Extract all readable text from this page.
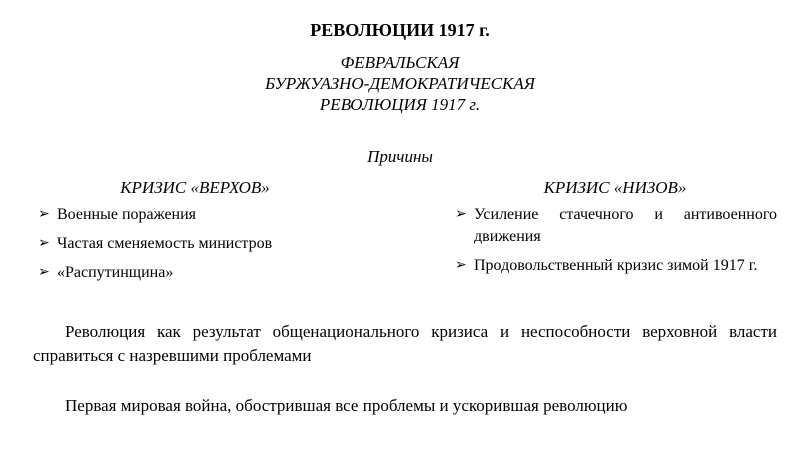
РЕВОЛЮЦИИ 1917 г.
ФЕВРАЛЬСКАЯ
БУРЖУАЗНО-ДЕМОКРАТИЧЕСКАЯ
РЕВОЛЮЦИЯ 1917 г.
Причины
КРИЗИС «ВЕРХОВ»	КРИЗИС «НИЗОВ»
➢ Военные поражения
➢ Частая сменяемость министров
➢ «Распутинщина»
➢ Усиление стачечного и антивоенного движения
➢ Продовольственный кризис зимой 1917 г.
Революция как результат общенационального кризиса и неспособности верховной власти справиться с назревшими проблемами
Первая мировая война, обострившая все проблемы и ускорившая революцию
